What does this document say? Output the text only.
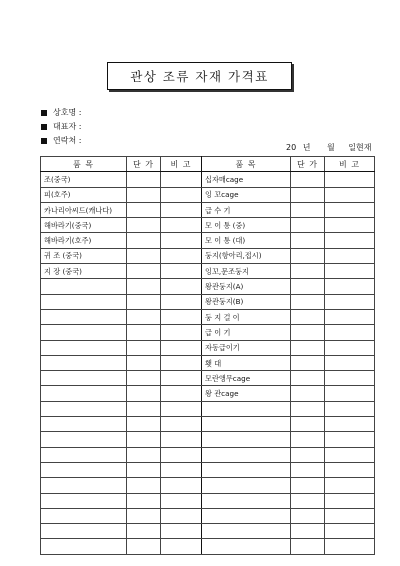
관상 조류 자재 가격표
상호명 :
대표자 :
연락처 :
20 년 월 일현재
품 목	단 가	비 고	품 목	단 가	비 고
조(중국)			십자매cage		
피(호주)			잉 꼬cage		
카나리아씨드(캐나다)			급 수 기		
해바라기(중국)			모 이 통 (중)		
해바라기(호주)			모 이 통 (대)		
귀 조 (중국)			둥지(항아리,접시)		
지 장 (중국)			잉꼬,문조둥지		
			왕관둥지(A)		
			왕관둥지(B)		
			둥 지 걸 이		
			급 이 기		
			자동급이기		
			횃 대		
			모란앵무cage		
			왕 관cage		
